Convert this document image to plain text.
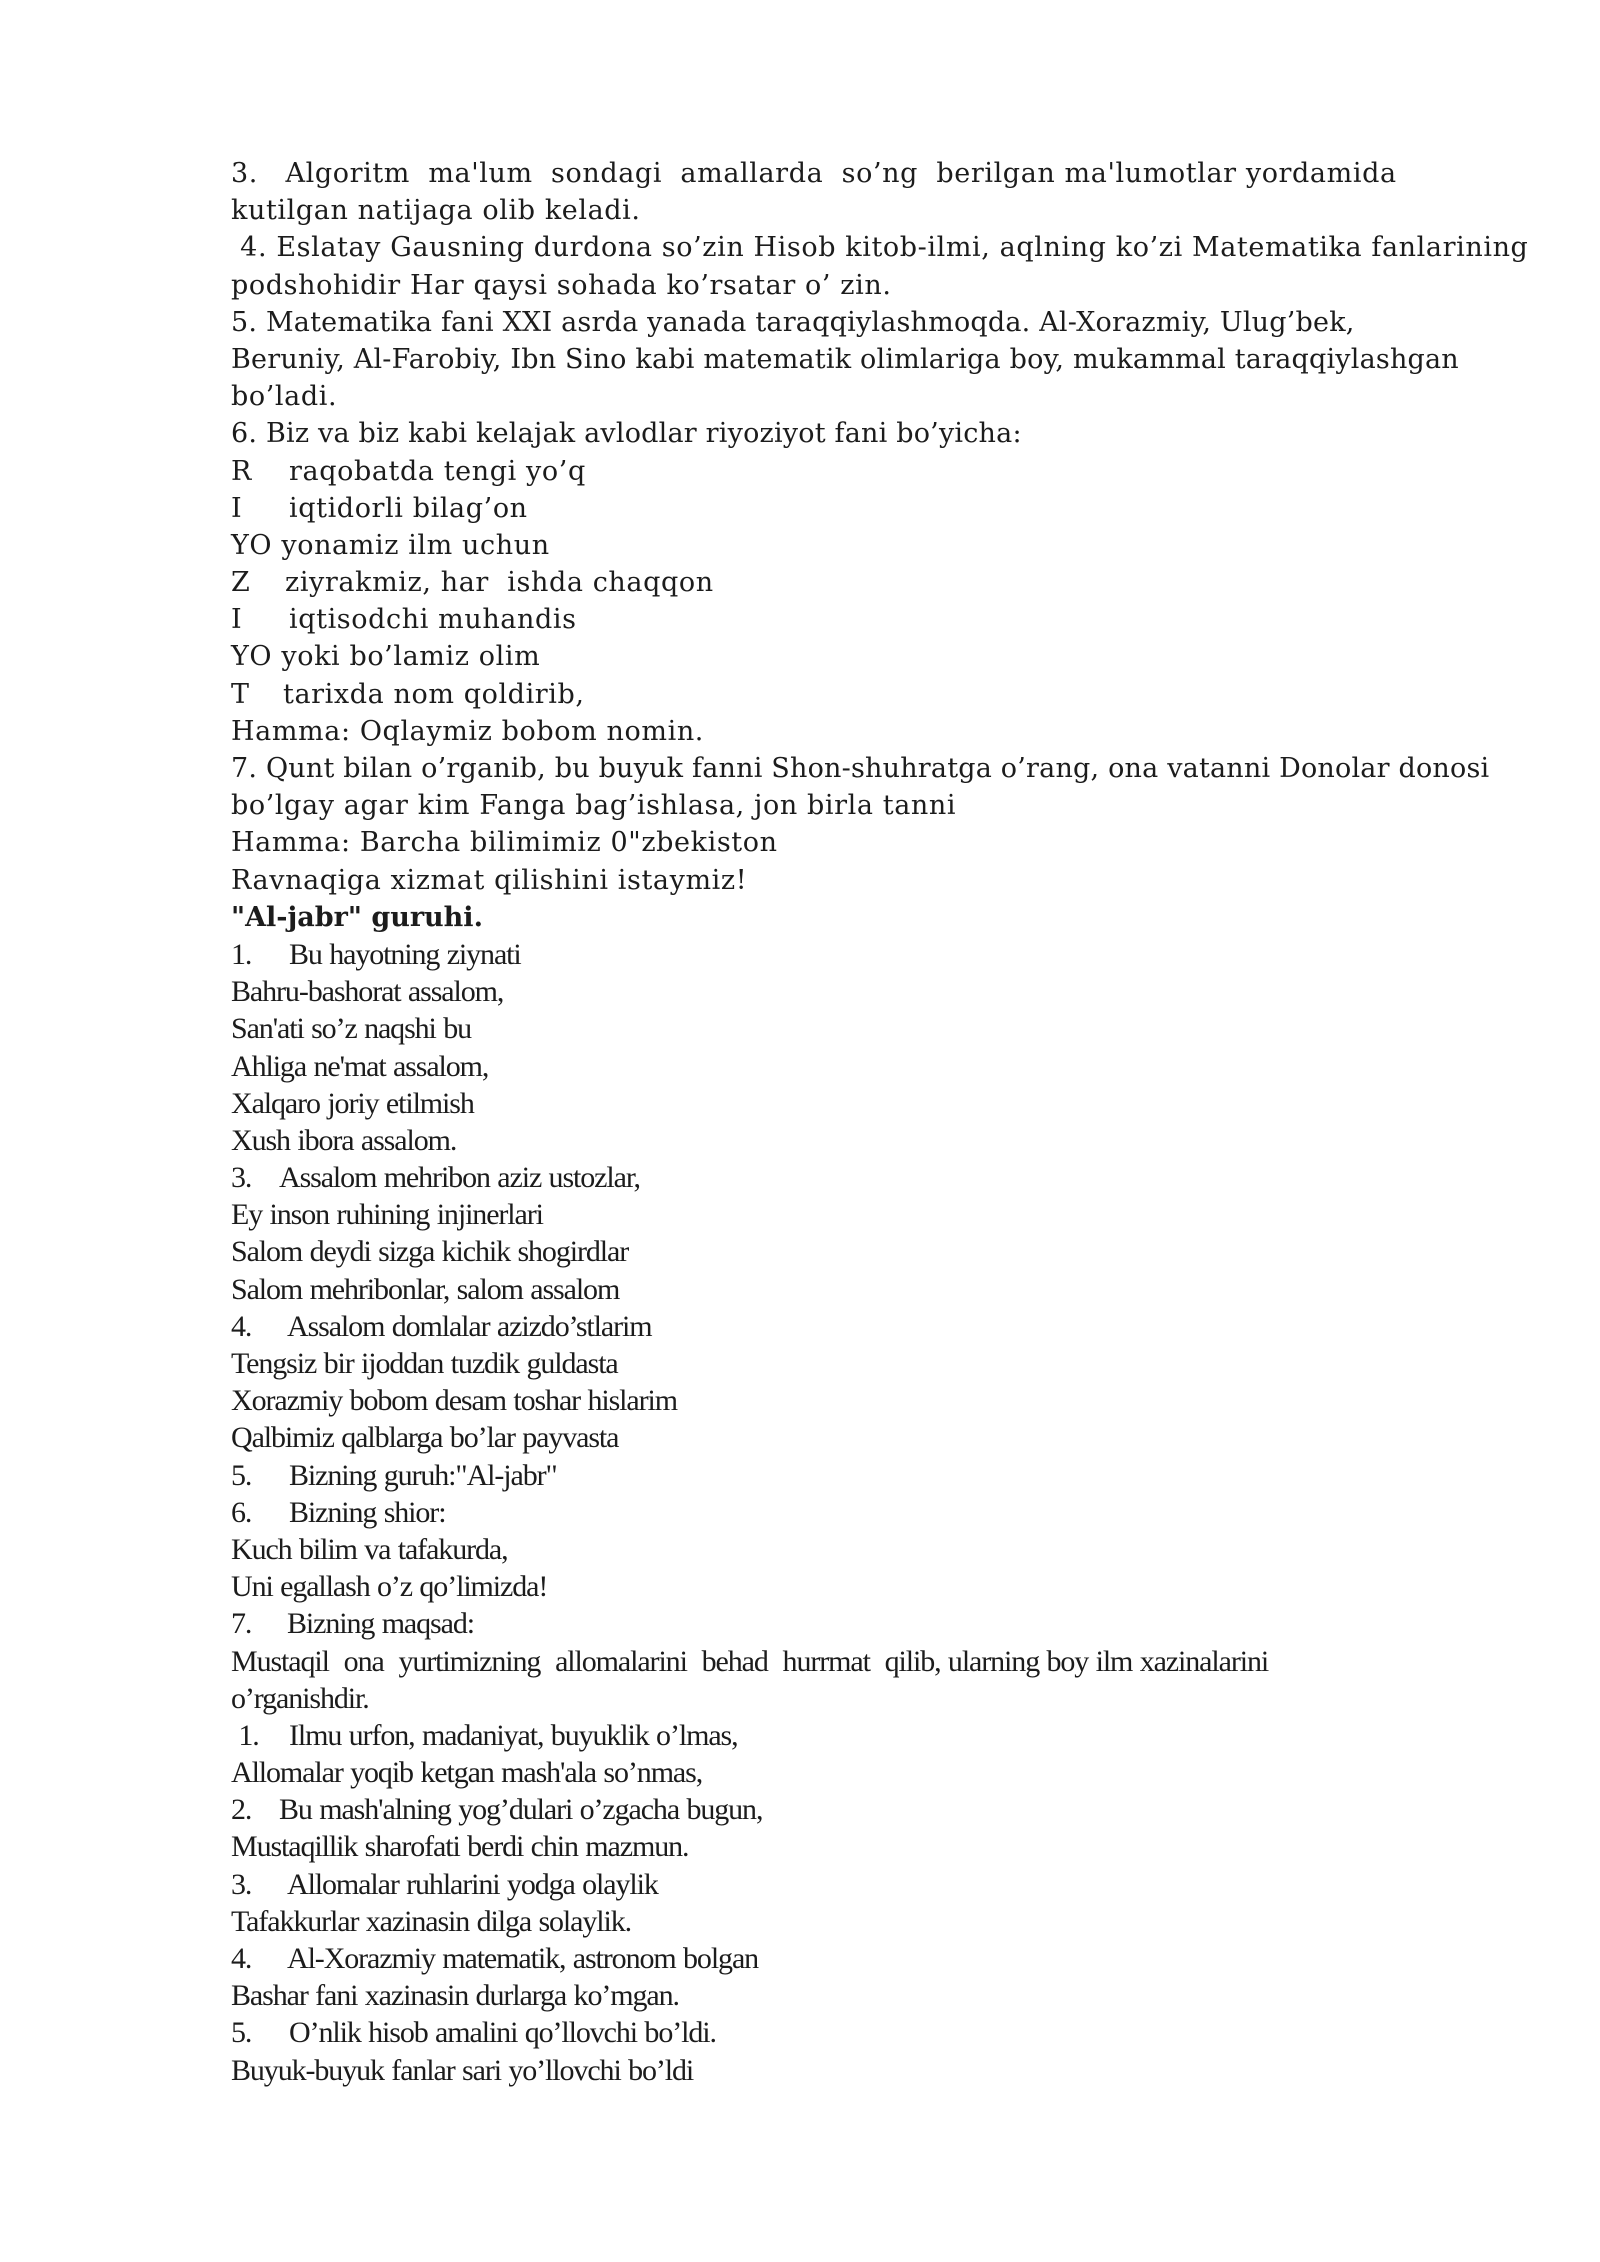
3.   Algoritm  ma'lum  sondagi  amallarda  so’ng  berilgan ma'lumotlar yordamida
kutilgan natijaga olib keladi.
4. Eslatay Gausning durdona so’zin Hisob kitob-ilmi, aqlning ko’zi Matematika fanlarining
podshohidir Har qaysi sohada ko’rsatar o’ zin.
5. Matematika fani XXI asrda yanada taraqqiylashmoqda. Al-Xorazmiy, Ulug’bek,
Beruniy, Al-Farobiy, Ibn Sino kabi matematik olimlariga boy, mukammal taraqqiylashgan
bo’ladi.
6. Biz va biz kabi kelajak avlodlar riyoziyot fani bo’yicha:
R raqobatda tengi yo’q
I iqtidorli bilag’on
YO yonamiz ilm uchun
Z ziyrakmiz, har  ishda chaqqon
I iqtisodchi muhandis
YO yoki bo’lamiz olim
T tarixda nom qoldirib,
Hamma: Oqlaymiz bobom nomin.
7. Qunt bilan o’rganib, bu buyuk fanni Shon-shuhratga o’rang, ona vatanni Donolar donosi
bo’lgay agar kim Fanga bag’ishlasa, jon birla tanni
Hamma: Barcha bilimimiz 0"zbekiston
Ravnaqiga xizmat qilishini istaymiz!
"Al-jabr" guruhi.
1. Bu hayotning ziynati
Bahru-bashorat assalom,
San'ati so’z naqshi bu
Ahliga ne'mat assalom,
Xalqaro joriy etilmish
Xush ibora assalom.
3. Assalom mehribon aziz ustozlar,
Ey inson ruhining injinerlari
Salom deydi sizga kichik shogirdlar
Salom mehribonlar, salom assalom
4. Assalom domlalar azizdo’stlarim
Tengsiz bir ijoddan tuzdik guldasta
Xorazmiy bobom desam toshar hislarim
Qalbimiz qalblarga bo’lar payvasta
5. Bizning guruh:"Al-jabr"
6. Bizning shior:
Kuch bilim va tafakurda,
Uni egallash o’z qo’limizda!
7. Bizning maqsad:
Mustaqil  ona  yurtimizning  allomalarini  behad  hurrmat  qilib, ularning boy ilm xazinalarini
o’rganishdir.
1. Ilmu urfon, madaniyat, buyuklik o’lmas,
Allomalar yoqib ketgan mash'ala so’nmas,
2. Bu mash'alning yog’dulari o’zgacha bugun,
Mustaqillik sharofati berdi chin mazmun.
3. Allomalar ruhlarini yodga olaylik
Tafakkurlar xazinasin dilga solaylik.
4. Al-Xorazmiy matematik, astronom bolgan
Bashar fani xazinasin durlarga ko’mgan.
5. O’nlik hisob amalini qo’llovchi bo’ldi.
Buyuk-buyuk fanlar sari yo’llovchi bo’ldi
